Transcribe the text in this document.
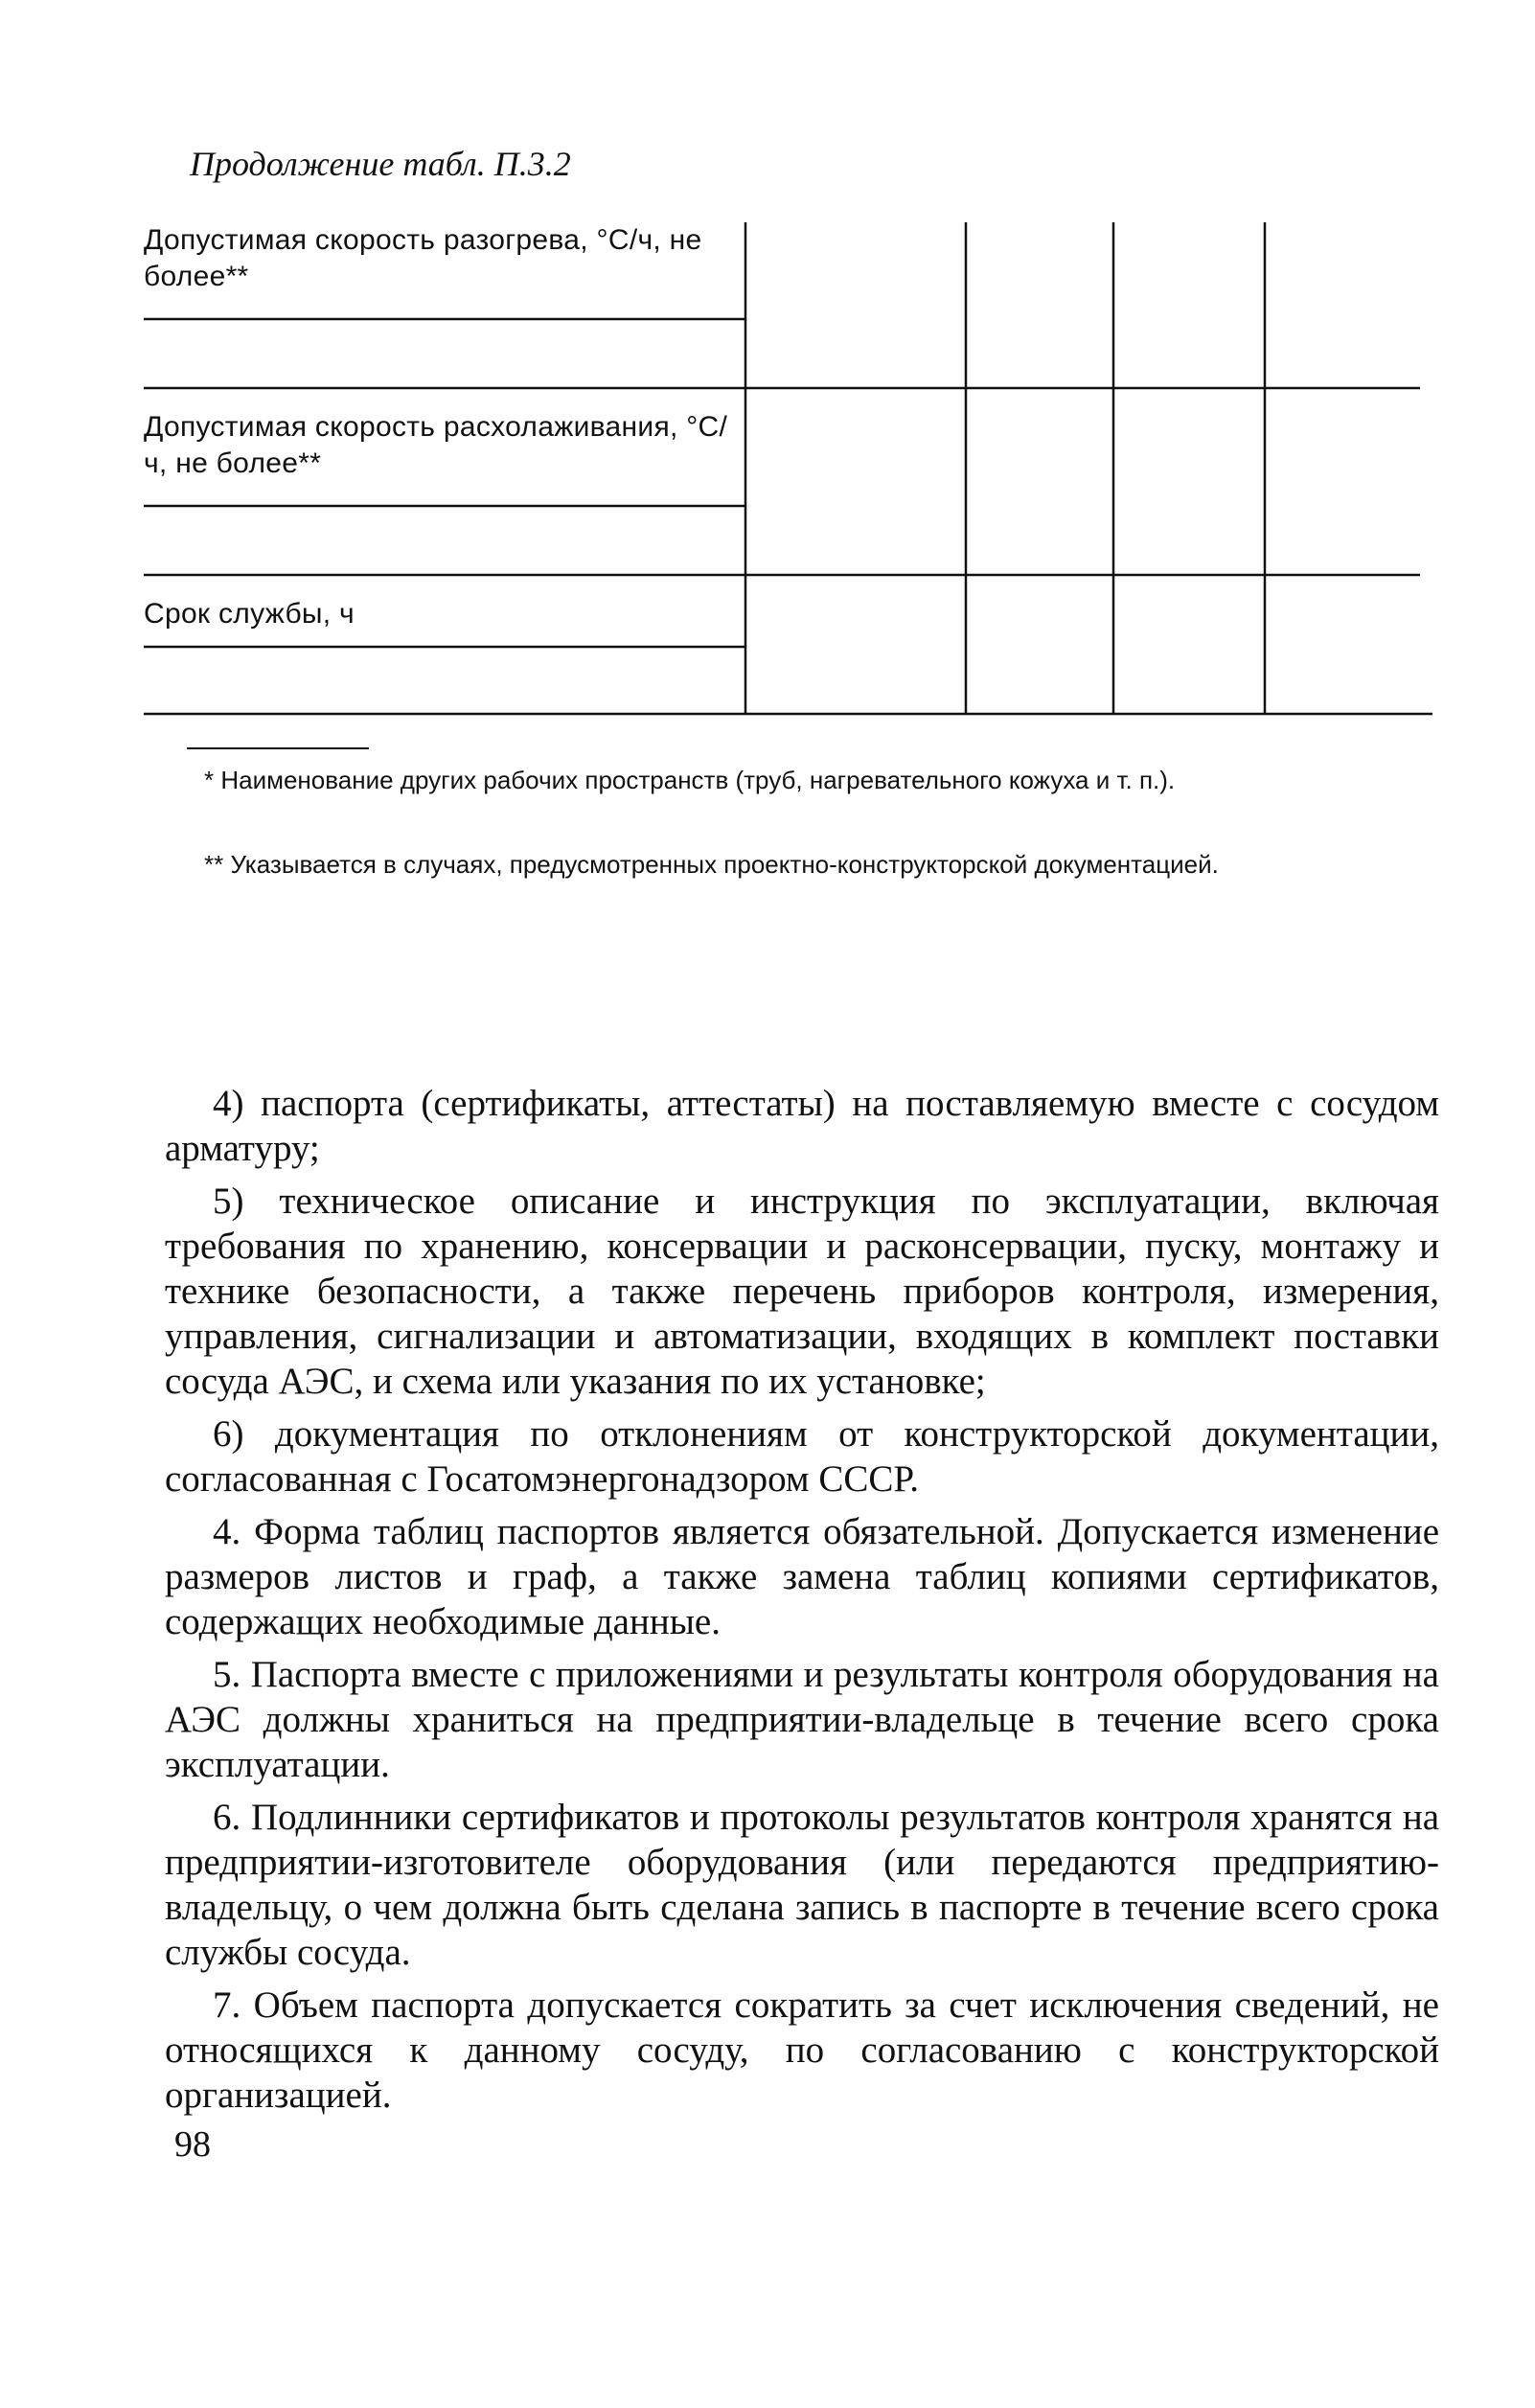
Продолжение табл. П.3.2
Допустимая скорость разогрева, °С/ч, не более**
Допустимая скорость расхолаживания, °С/ч, не более**
Срок службы, ч
* Наименование других рабочих пространств (труб, нагревательного кожуха и т. п.).
** Указывается в случаях, предусмотренных проектно-конструкторской документацией.

4) паспорта (сертификаты, аттестаты) на поставляемую вместе с сосудом арматуру;

5) техническое описание и инструкция по эксплуатации, включая требования по хранению, консервации и расконсервации, пуску, монтажу и технике безопасности, а также перечень приборов контроля, измерения, управления, сигнализации и автоматизации, входящих в комплект поставки сосуда АЭС, и схема или указания по их установке;

6) документация по отклонениям от конструкторской документации, согласованная с Госатомэнергонадзором СССР.

4. Форма таблиц паспортов является обязательной. Допускается изменение размеров листов и граф, а также замена таблиц копиями сертификатов, содержащих необходимые данные.

5. Паспорта вместе с приложениями и результаты контроля оборудования на АЭС должны храниться на предприятии-владельце в течение всего срока эксплуатации.

6. Подлинники сертификатов и протоколы результатов контроля хранятся на предприятии-изготовителе оборудования (или передаются предприятию-владельцу, о чем должна быть сделана запись в паспорте в течение всего срока службы сосуда.

7. Объем паспорта допускается сократить за счет исключения сведений, не относящихся к данному сосуду, по согласованию с конструкторской организацией.

98
